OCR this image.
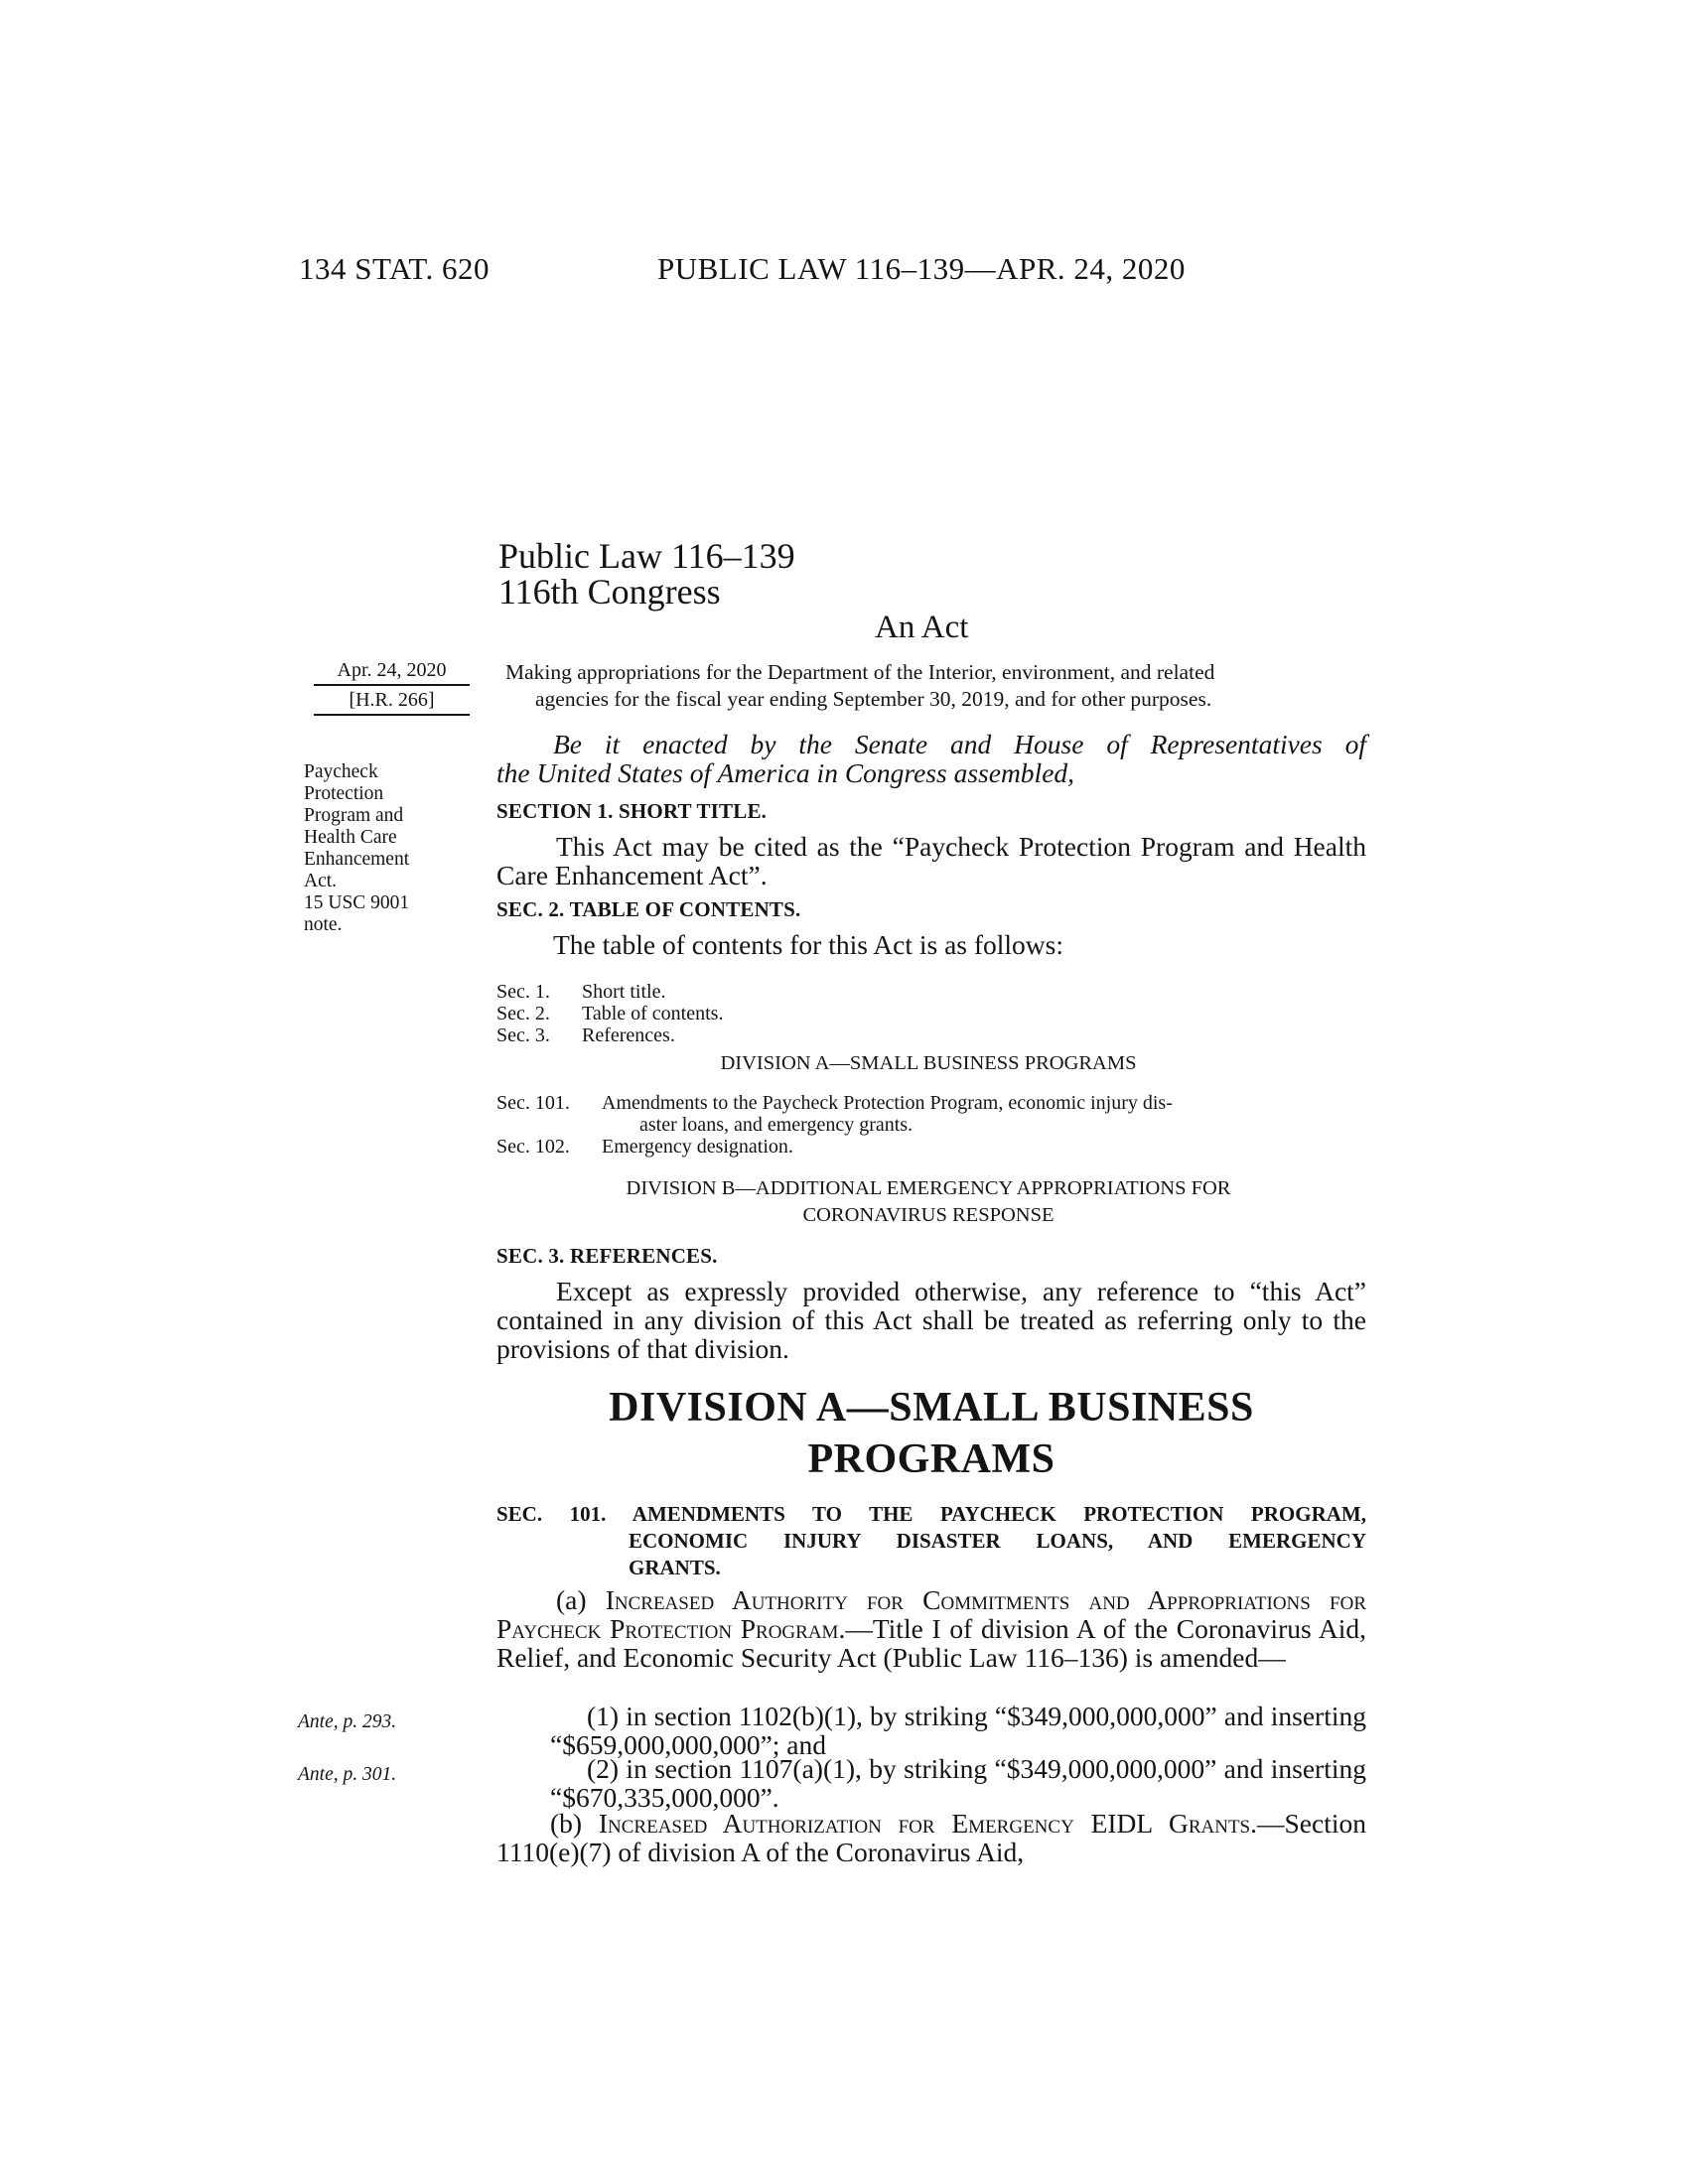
134 STAT. 620	PUBLIC LAW 116–139—APR. 24, 2020
Public Law 116–139
116th Congress
An Act
Apr. 24, 2020
[H.R. 266]
Making appropriations for the Department of the Interior, environment, and related
agencies for the fiscal year ending September 30, 2019, and for other purposes.
Paycheck
Protection
Program and
Health Care
Enhancement
Act.
15 USC 9001
note.
Be it enacted by the Senate and House of Representatives of
the United States of America in Congress assembled,
SECTION 1. SHORT TITLE.
This Act may be cited as the “Paycheck Protection Program and Health Care Enhancement Act”.
SEC. 2. TABLE OF CONTENTS.
The table of contents for this Act is as follows:
Sec. 1.	Short title.
Sec. 2.	Table of contents.
Sec. 3.	References.
DIVISION A—SMALL BUSINESS PROGRAMS
Sec. 101.	Amendments to the Paycheck Protection Program, economic injury dis-
aster loans, and emergency grants.
Sec. 102.	Emergency designation.
DIVISION B—ADDITIONAL EMERGENCY APPROPRIATIONS FOR
CORONAVIRUS RESPONSE
SEC. 3. REFERENCES.
Except as expressly provided otherwise, any reference to “this Act” contained in any division of this Act shall be treated as referring only to the provisions of that division.
DIVISION A—SMALL BUSINESS
PROGRAMS
SEC. 101. AMENDMENTS TO THE PAYCHECK PROTECTION PROGRAM,
ECONOMIC INJURY DISASTER LOANS, AND EMERGENCY
GRANTS.
(a) Increased Authority for Commitments and Appropriations for Paycheck Protection Program.—Title I of division A of the Coronavirus Aid, Relief, and Economic Security Act (Public Law 116–136) is amended—
Ante, p. 293.	(1) in section 1102(b)(1), by striking “$349,000,000,000” and inserting “$659,000,000,000”; and
Ante, p. 301.	(2) in section 1107(a)(1), by striking “$349,000,000,000” and inserting “$670,335,000,000”.
(b) Increased Authorization for Emergency EIDL Grants.—Section 1110(e)(7) of division A of the Coronavirus Aid,
